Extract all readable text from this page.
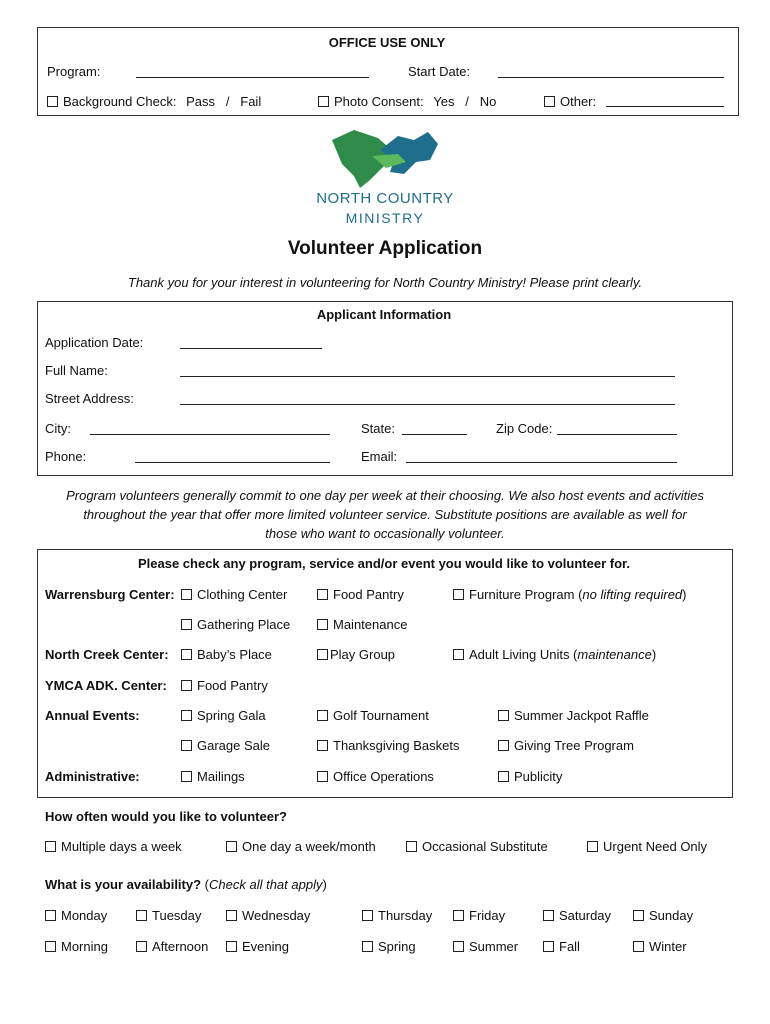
OFFICE USE ONLY
Program:	Start Date:
Background Check: Pass   /   Fail	Photo Consent: Yes   /   No	Other:
NORTH COUNTRY
MINISTRY
Volunteer Application
Thank you for your interest in volunteering for North Country Ministry! Please print clearly.
Applicant Information
Application Date:
Full Name:
Street Address:
City:	State:	Zip Code:
Phone:	Email:
Program volunteers generally commit to one day per week at their choosing. We also host events and activities
throughout the year that offer more limited volunteer service. Substitute positions are available as well for
those who want to occasionally volunteer.
Please check any program, service and/or event you would like to volunteer for.
Warrensburg Center:	Clothing Center	Food Pantry	Furniture Program (no lifting required)
Gathering Place	Maintenance
North Creek Center:	Baby’s Place	Play Group	Adult Living Units (maintenance)
YMCA ADK. Center:	Food Pantry
Annual Events:	Spring Gala	Golf Tournament	Summer Jackpot Raffle
Garage Sale	Thanksgiving Baskets	Giving Tree Program
Administrative:	Mailings	Office Operations	Publicity
How often would you like to volunteer?
Multiple days a week	One day a week/month	Occasional Substitute	Urgent Need Only
What is your availability? (Check all that apply)
Monday	Tuesday	Wednesday	Thursday	Friday	Saturday	Sunday
Morning	Afternoon	Evening	Spring	Summer	Fall	Winter
